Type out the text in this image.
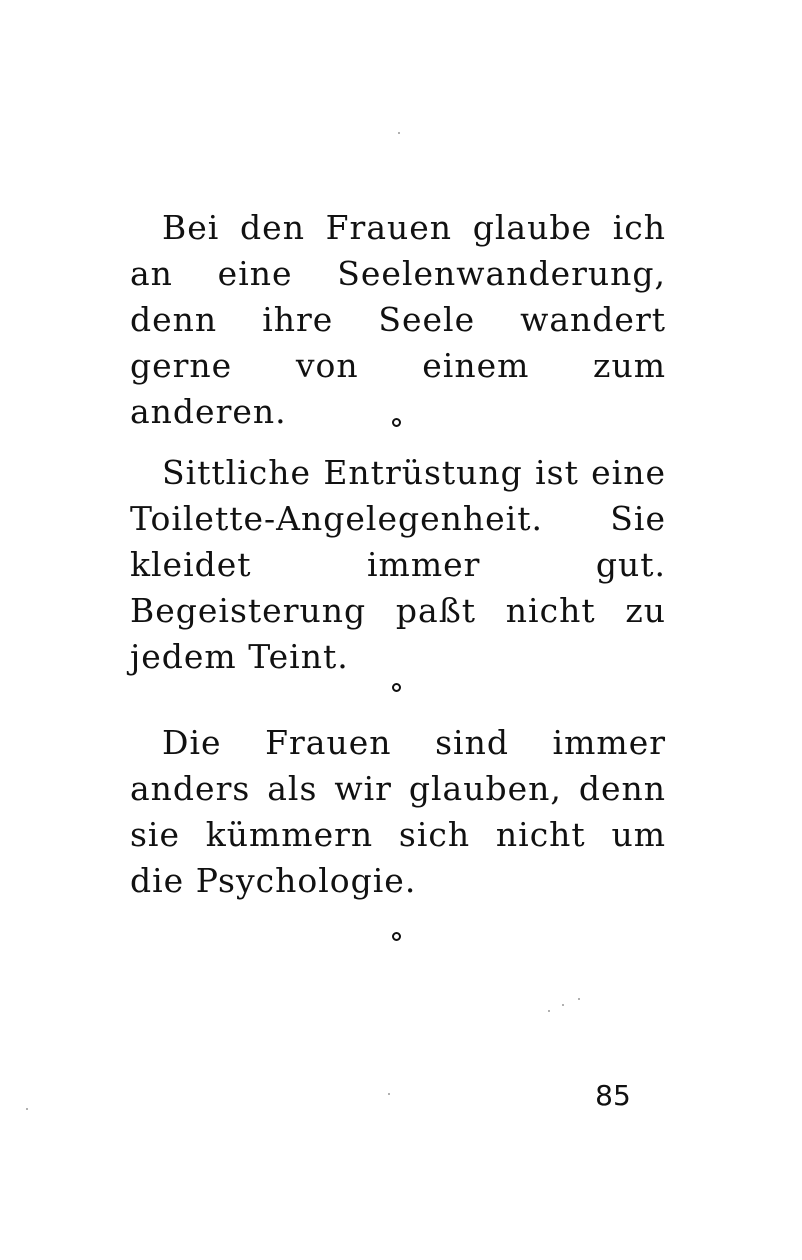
Bei den Frauen glaube ich an eine Seelenwanderung, denn ihre Seele wandert gerne von einem zum anderen.

Sittliche Entrüstung ist eine Toilette-Angelegenheit. Sie kleidet immer gut. Begeisterung paßt nicht zu jedem Teint.

Die Frauen sind immer anders als wir glauben, denn sie kümmern sich nicht um die Psychologie.

85
